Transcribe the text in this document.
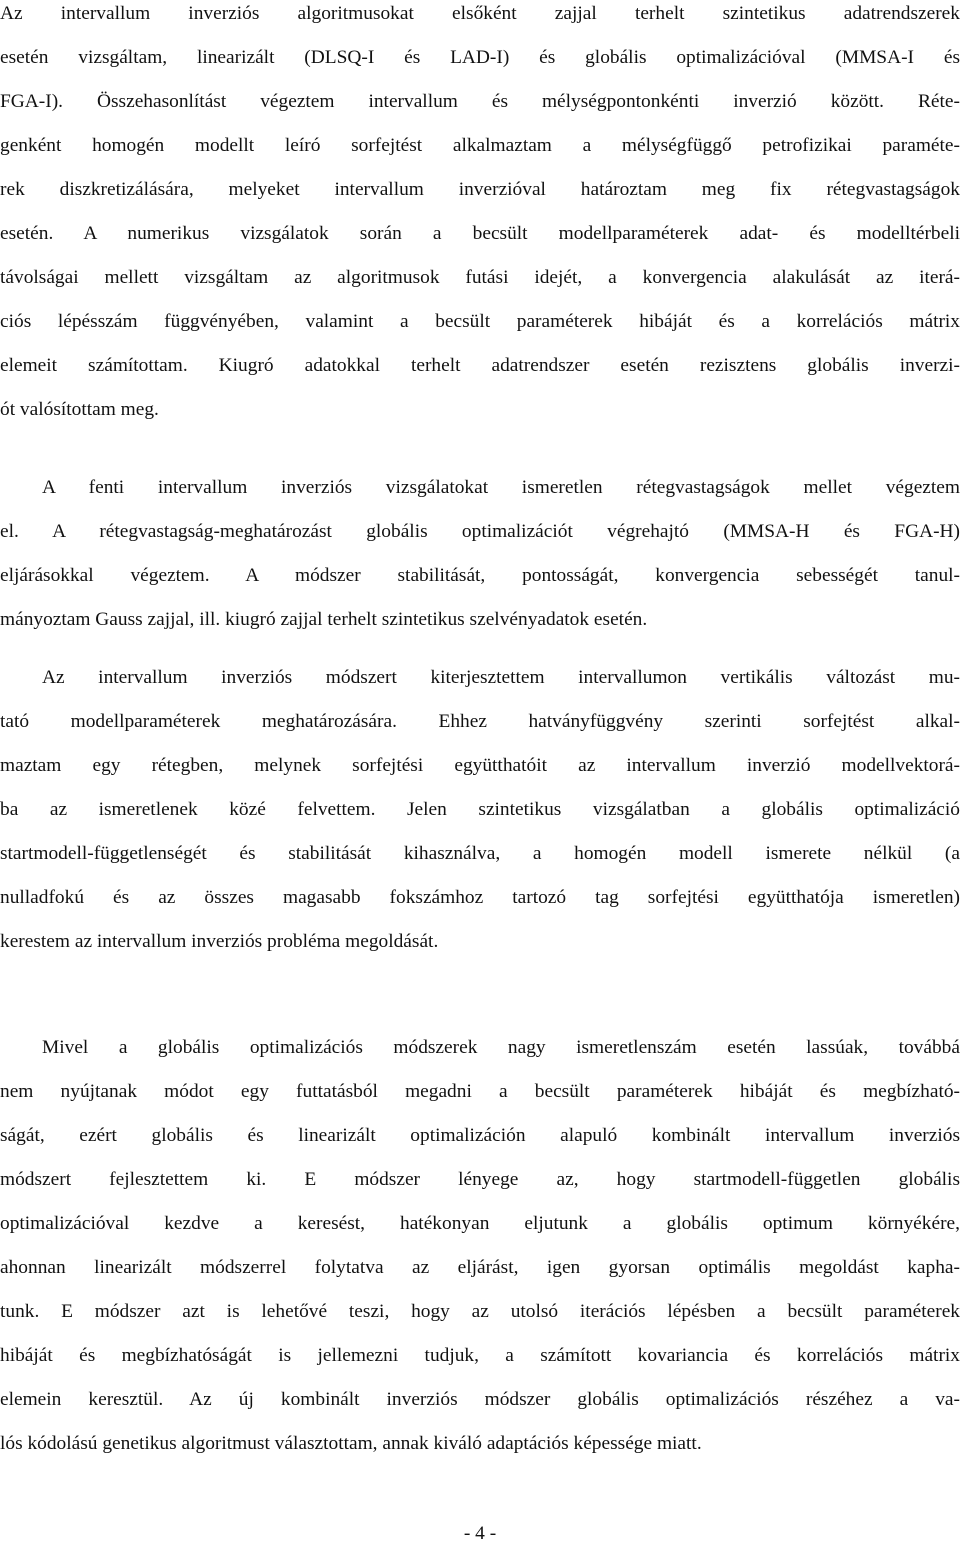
Az intervallum inverziós algoritmusokat elsőként zajjal terhelt szintetikus adatrendszerek
esetén vizsgáltam, linearizált (DLSQ-I és LAD-I) és globális optimalizációval (MMSA-I és
FGA-I). Összehasonlítást végeztem intervallum és mélységpontonkénti inverzió között. Réte-
genként homogén modellt leíró sorfejtést alkalmaztam a mélységfüggő petrofizikai paraméte-
rek diszkretizálására, melyeket intervallum inverzióval határoztam meg fix rétegvastagságok
esetén. A numerikus vizsgálatok során a becsült modellparaméterek adat- és modelltérbeli
távolságai mellett vizsgáltam az algoritmusok futási idejét, a konvergencia alakulását az iterá-
ciós lépésszám függvényében, valamint a becsült paraméterek hibáját és a korrelációs mátrix
elemeit számítottam. Kiugró adatokkal terhelt adatrendszer esetén rezisztens globális inverzi-
ót valósítottam meg.
A fenti intervallum inverziós vizsgálatokat ismeretlen rétegvastagságok mellet végeztem
el. A rétegvastagság-meghatározást globális optimalizációt végrehajtó (MMSA-H és FGA-H)
eljárásokkal végeztem. A módszer stabilitását, pontosságát, konvergencia sebességét tanul-
mányoztam Gauss zajjal, ill. kiugró zajjal terhelt szintetikus szelvényadatok esetén.
Az intervallum inverziós módszert kiterjesztettem intervallumon vertikális változást mu-
tató modellparaméterek meghatározására. Ehhez hatványfüggvény szerinti sorfejtést alkal-
maztam egy rétegben, melynek sorfejtési együtthatóit az intervallum inverzió modellvektorá-
ba az ismeretlenek közé felvettem. Jelen szintetikus vizsgálatban a globális optimalizáció
startmodell-függetlenségét és stabilitását kihasználva, a homogén modell ismerete nélkül (a
nulladfokú és az összes magasabb fokszámhoz tartozó tag sorfejtési együtthatója ismeretlen)
kerestem az intervallum inverziós probléma megoldását.
Mivel a globális optimalizációs módszerek nagy ismeretlenszám esetén lassúak, továbbá
nem nyújtanak módot egy futtatásból megadni a becsült paraméterek hibáját és megbízható-
ságát, ezért globális és linearizált optimalizáción alapuló kombinált intervallum inverziós
módszert fejlesztettem ki. E módszer lényege az, hogy startmodell-független globális
optimalizációval kezdve a keresést, hatékonyan eljutunk a globális optimum környékére,
ahonnan linearizált módszerrel folytatva az eljárást, igen gyorsan optimális megoldást kapha-
tunk. E módszer azt is lehetővé teszi, hogy az utolsó iterációs lépésben a becsült paraméterek
hibáját és megbízhatóságát is jellemezni tudjuk, a számított kovariancia és korrelációs mátrix
elemein keresztül. Az új kombinált inverziós módszer globális optimalizációs részéhez a va-
lós kódolású genetikus algoritmust választottam, annak kiváló adaptációs képessége miatt.
- 4 -
